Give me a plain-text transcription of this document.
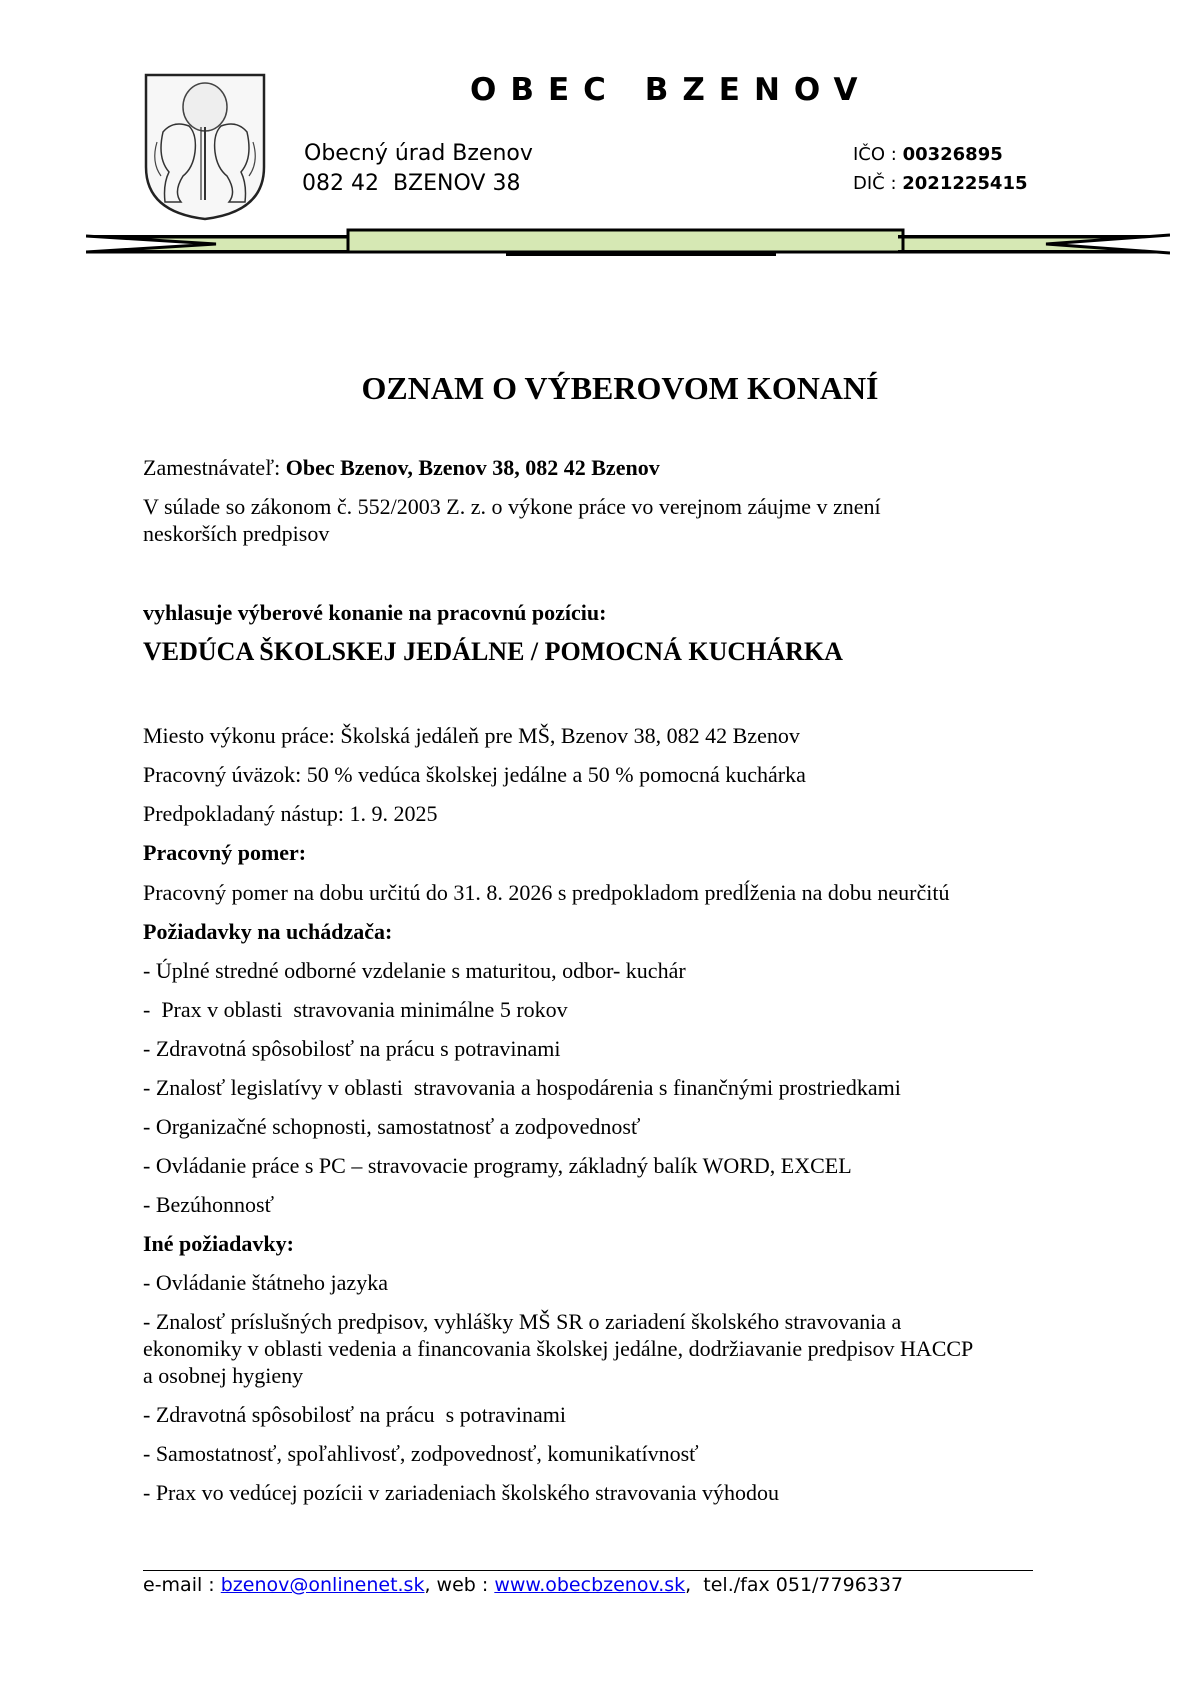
OBEC BZENOV
Obecný úrad Bzenov
082 42  BZENOV 38
IČO : 00326895
DIČ : 2021225415
OZNAM O VÝBEROVOM KONANÍ
Zamestnávateľ: Obec Bzenov, Bzenov 38, 082 42 Bzenov
V súlade so zákonom č. 552/2003 Z. z. o výkone práce vo verejnom záujme v znení
neskorších predpisov
vyhlasuje výberové konanie na pracovnú pozíciu:
VEDÚCA ŠKOLSKEJ JEDÁLNE / POMOCNÁ KUCHÁRKA
Miesto výkonu práce: Školská jedáleň pre MŠ, Bzenov 38, 082 42 Bzenov
Pracovný úväzok: 50 % vedúca školskej jedálne a 50 % pomocná kuchárka
Predpokladaný nástup: 1. 9. 2025
Pracovný pomer:
Pracovný pomer na dobu určitú do 31. 8. 2026 s predpokladom predĺženia na dobu neurčitú
Požiadavky na uchádzača:
- Úplné stredné odborné vzdelanie s maturitou, odbor- kuchár
-  Prax v oblasti  stravovania minimálne 5 rokov
- Zdravotná spôsobilosť na prácu s potravinami
- Znalosť legislatívy v oblasti  stravovania a hospodárenia s finančnými prostriedkami
- Organizačné schopnosti, samostatnosť a zodpovednosť
- Ovládanie práce s PC – stravovacie programy, základný balík WORD, EXCEL
- Bezúhonnosť
Iné požiadavky:
- Ovládanie štátneho jazyka
- Znalosť príslušných predpisov, vyhlášky MŠ SR o zariadení školského stravovania a
ekonomiky v oblasti vedenia a financovania školskej jedálne, dodržiavanie predpisov HACCP
a osobnej hygieny
- Zdravotná spôsobilosť na prácu  s potravinami
- Samostatnosť, spoľahlivosť, zodpovednosť, komunikatívnosť
- Prax vo vedúcej pozícii v zariadeniach školského stravovania výhodou
e-mail : bzenov@onlinenet.sk, web : www.obecbzenov.sk,  tel./fax 051/7796337
